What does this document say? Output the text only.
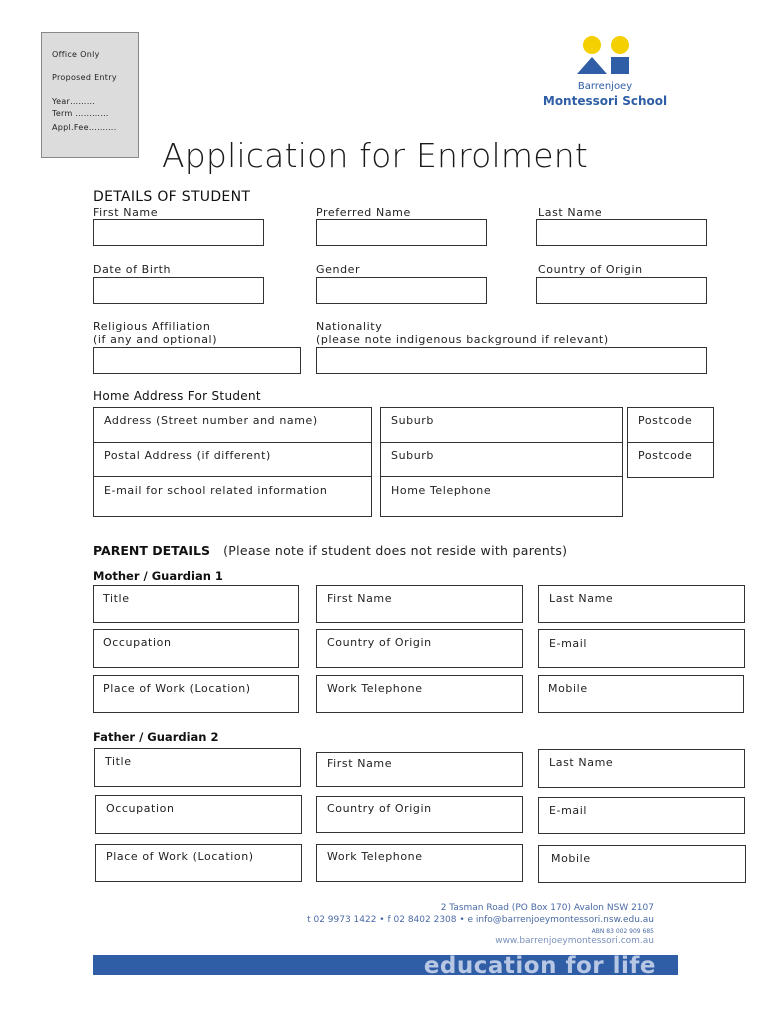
Office Only
Proposed Entry
Year………
Term …………
Appl.Fee……….
Barrenjoey
Montessori School
Application for Enrolment
DETAILS OF STUDENT
First Name	Preferred Name	Last Name
Date of Birth	Gender	Country of Origin
Religious Affiliation
(if any and optional)
Nationality
(please note indigenous background if relevant)
Home Address For Student
Address (Street number and name)	Suburb	Postcode
Postal Address (if different)	Suburb	Postcode
E-mail for school related information	Home Telephone
PARENT DETAILS (Please note if student does not reside with parents)
Mother / Guardian 1
Title	First Name	Last Name
Occupation	Country of Origin	E-mail
Place of Work (Location)	Work Telephone	Mobile
Father / Guardian 2
Title	First Name	Last Name
Occupation	Country of Origin	E-mail
Place of Work (Location)	Work Telephone	Mobile
2 Tasman Road (PO Box 170) Avalon NSW 2107
t 02 9973 1422 • f 02 8402 2308 • e info@barrenjoeymontessori.nsw.edu.au
ABN 83 002 909 685
www.barrenjoeymontessori.com.au
education for life
